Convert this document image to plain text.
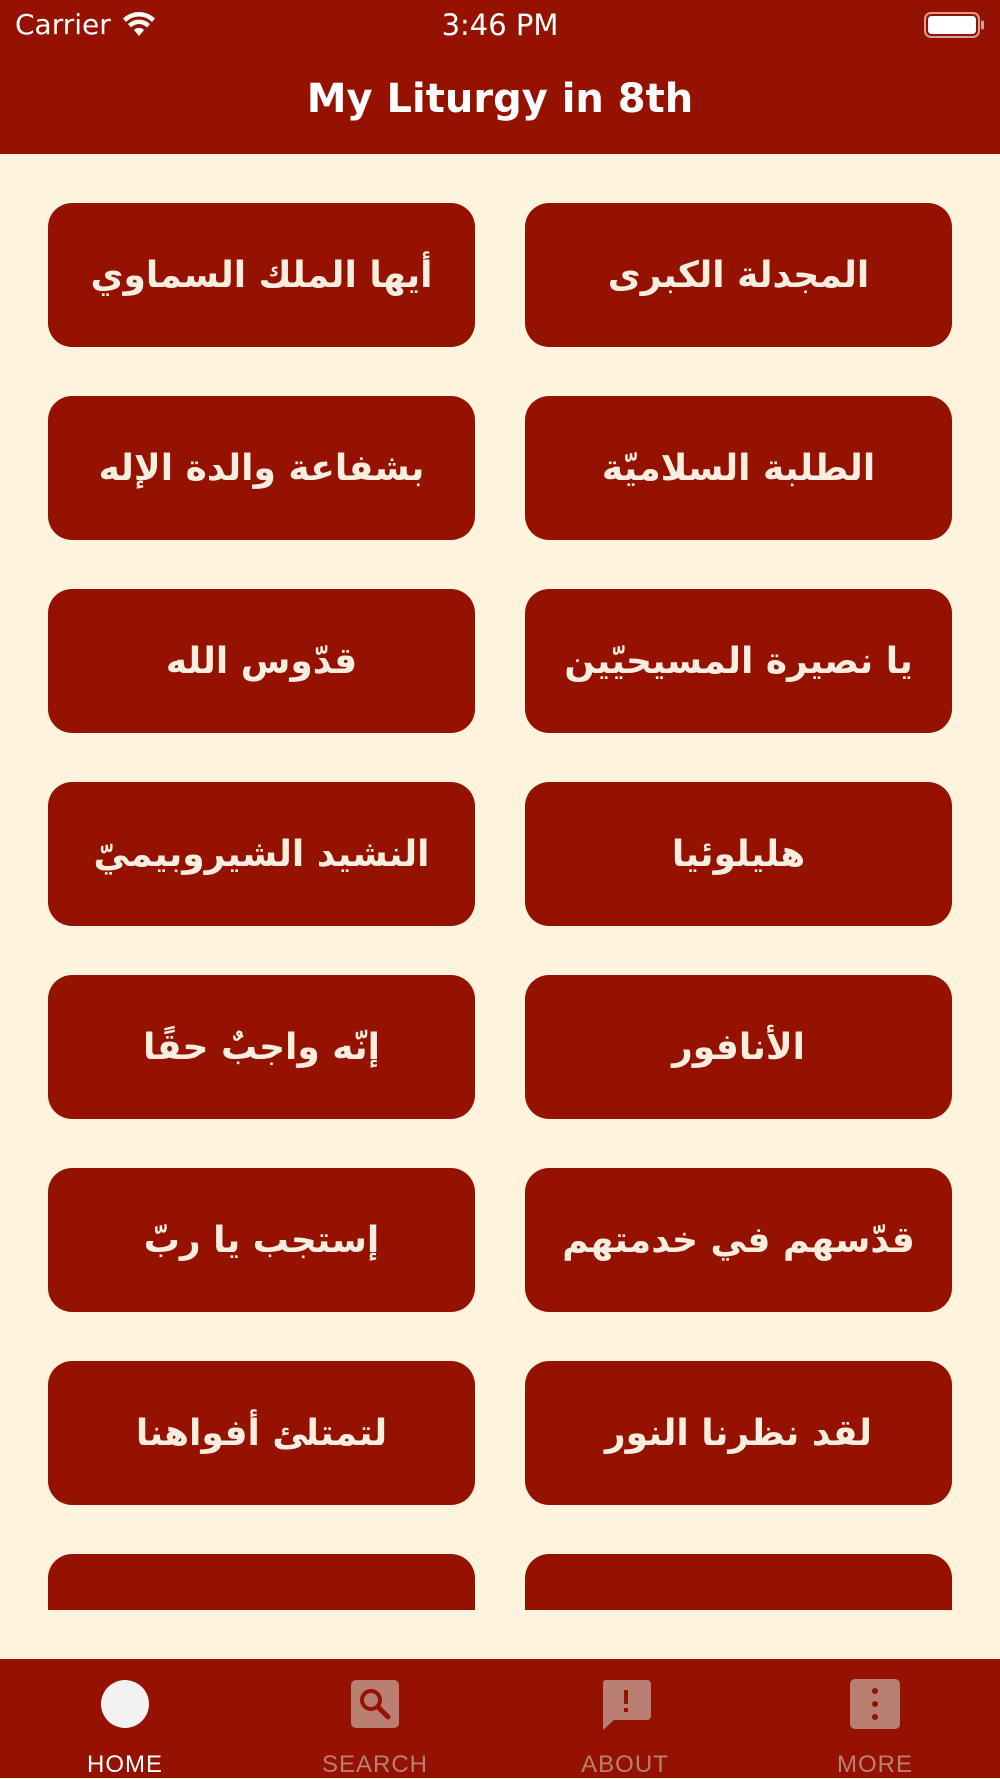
Carrier	3:46 PM
My Liturgy in 8th
أيها الملك السماوي	المجدلة الكبرى
بشفاعة والدة الإله	الطلبة السلاميّة
قدّوس الله	يا نصيرة المسيحيّين
النشيد الشيروبيميّ	هليلوئيا
إنّه واجبٌ حقًا	الأنافور
إستجب يا ربّ	قدّسهم في خدمتهم
لتمتلئ أفواهنا	لقد نظرنا النور
HOME	SEARCH	ABOUT	MORE
